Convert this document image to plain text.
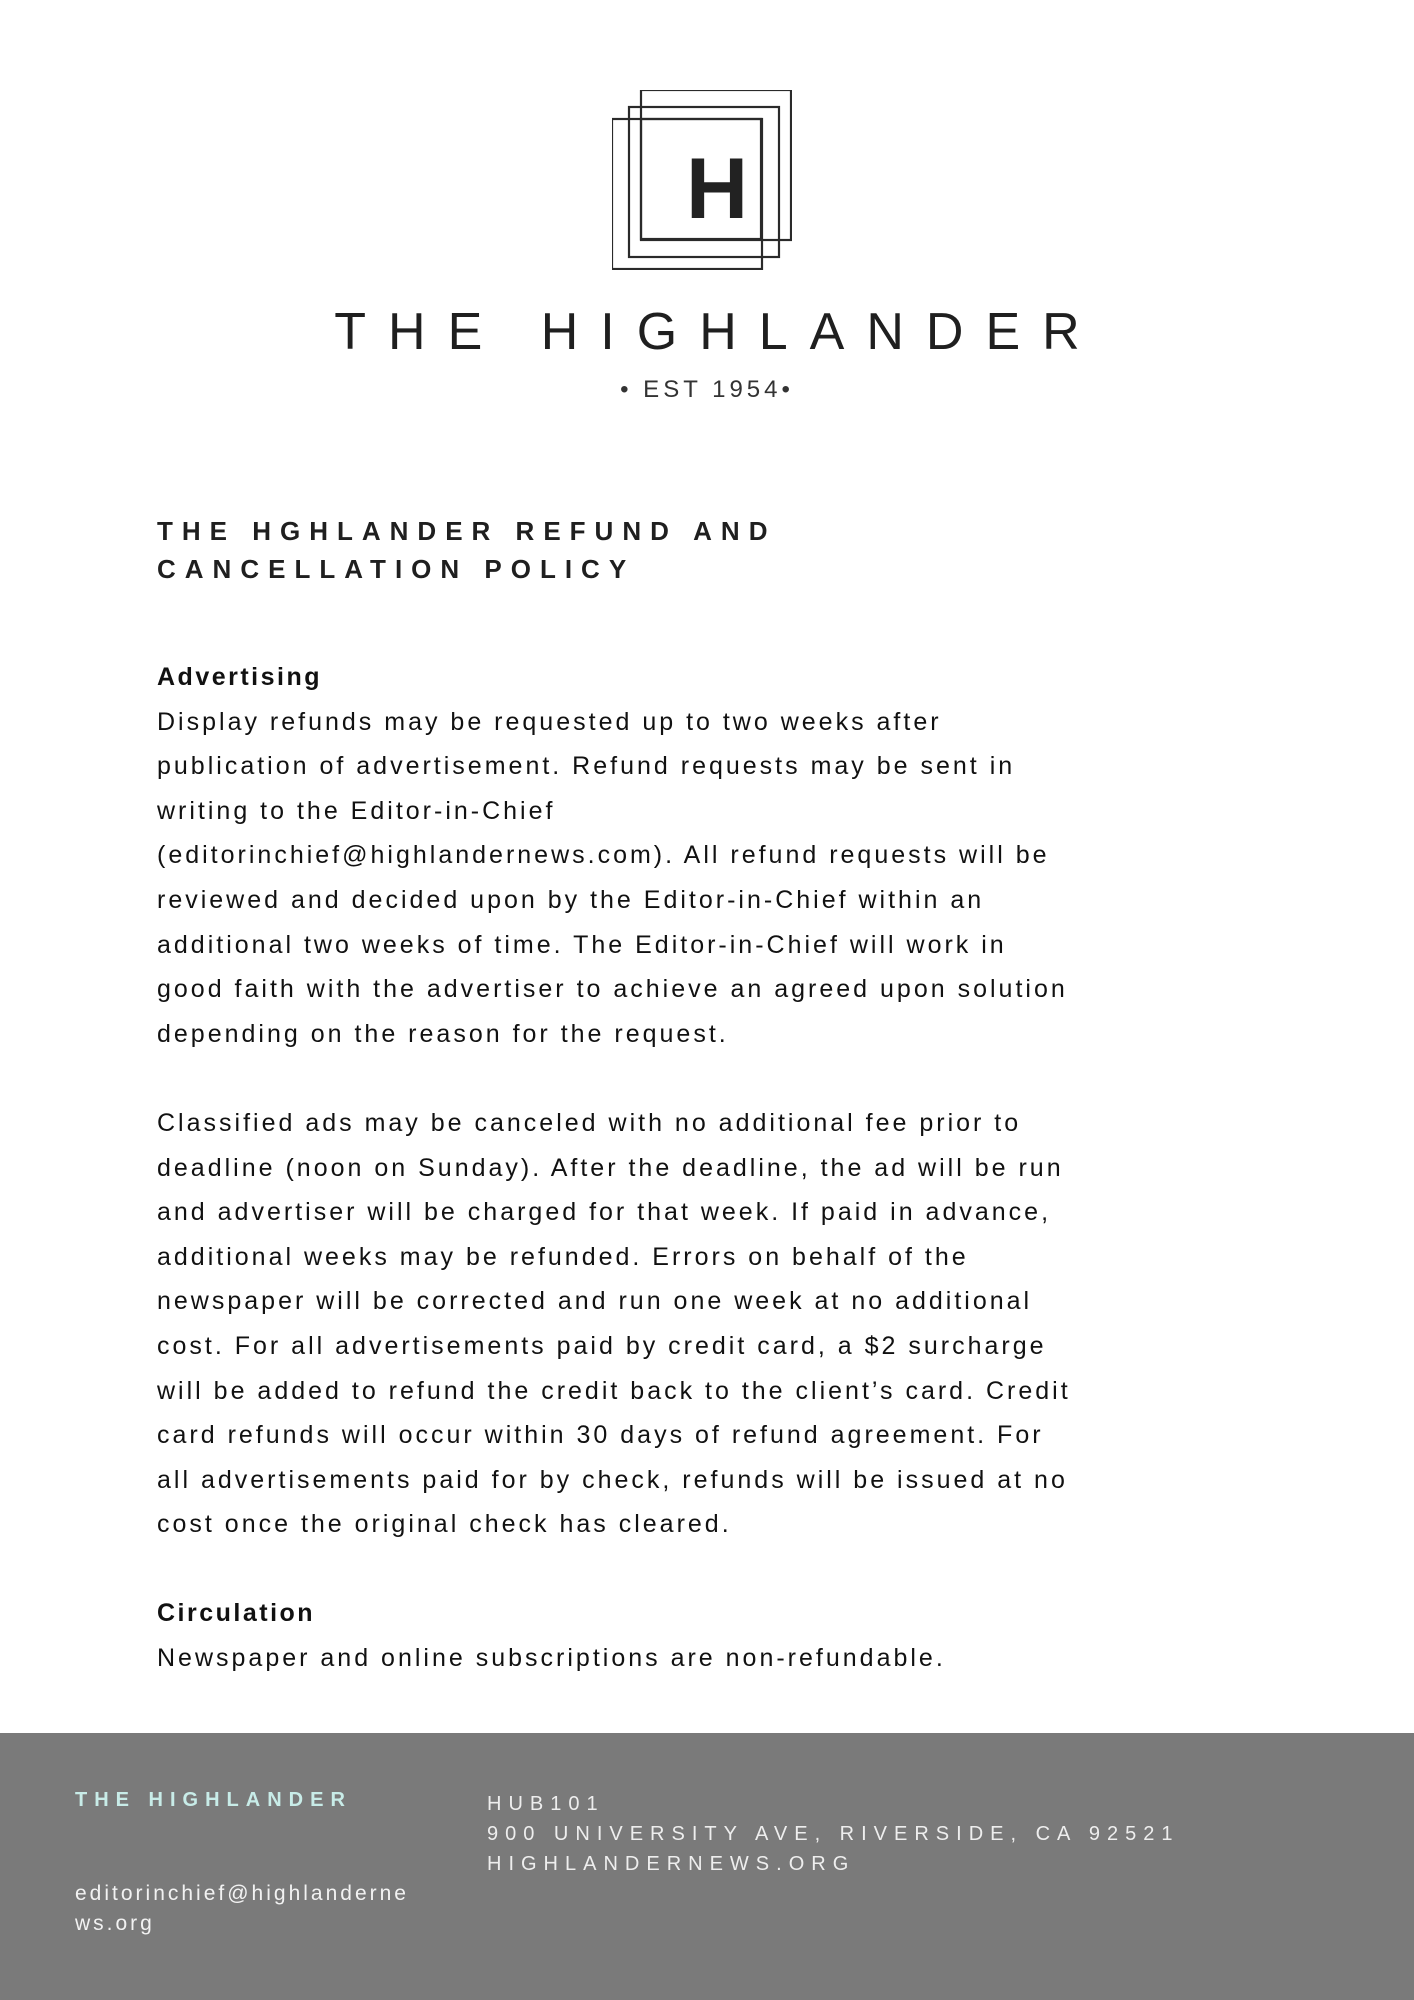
H
THE HIGHLANDER
• EST 1954•
THE HGHLANDER REFUND AND
CANCELLATION POLICY
Advertising

Display refunds may be requested up to two weeks after

publication of advertisement. Refund requests may be sent in

writing to the Editor-in-Chief

(editorinchief@highlandernews.com). All refund requests will be

reviewed and decided upon by the Editor-in-Chief within an

additional two weeks of time. The Editor-in-Chief will work in

good faith with the advertiser to achieve an agreed upon solution

depending on the reason for the request.

Classified ads may be canceled with no additional fee prior to

deadline (noon on Sunday). After the deadline, the ad will be run

and advertiser will be charged for that week. If paid in advance,

additional weeks may be refunded. Errors on behalf of the

newspaper will be corrected and run one week at no additional

cost. For all advertisements paid by credit card, a $2 surcharge

will be added to refund the credit back to the client’s card. Credit

card refunds will occur within 30 days of refund agreement. For

all advertisements paid for by check, refunds will be issued at no

cost once the original check has cleared.

Circulation

Newspaper and online subscriptions are non-refundable.

THE HIGHLANDER
editorinchief@highlandernews.org
HUB101
900 UNIVERSITY AVE, RIVERSIDE, CA 92521
HIGHLANDERNEWS.ORG
